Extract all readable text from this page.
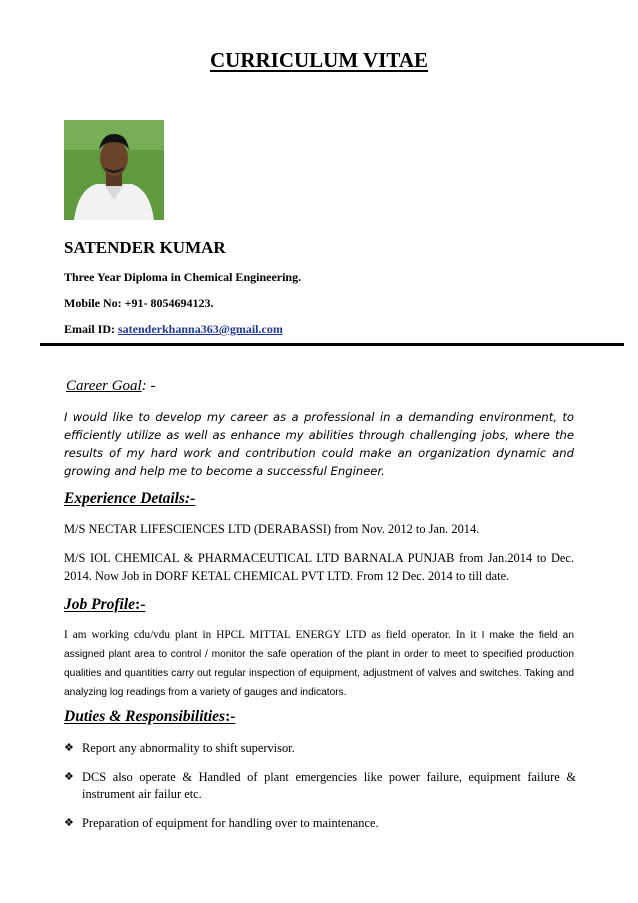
CURRICULUM VITAE
SATENDER KUMAR
Three Year Diploma in Chemical Engineering.
Mobile No: +91- 8054694123.
Email ID: satenderkhanna363@gmail.com
Career Goal: -
I would like to develop my career as a professional in a demanding environment, to efficiently utilize as well as enhance my abilities through challenging jobs, where the results of my hard work and contribution could make an organization dynamic and growing and help me to become a successful Engineer.
Experience Details:-
M/S NECTAR LIFESCIENCES LTD (DERABASSI) from Nov. 2012 to Jan. 2014.
M/S IOL CHEMICAL & PHARMACEUTICAL LTD BARNALA PUNJAB from Jan.2014 to Dec. 2014. Now Job in DORF KETAL CHEMICAL PVT LTD. From 12 Dec. 2014 to till date.
Job Profile:-
I am working cdu/vdu plant in HPCL MITTAL ENERGY LTD as field operator. In it I make the field an assigned plant area to control / monitor the safe operation of the plant in order to meet to specified production qualities and quantities carry out regular inspection of equipment, adjustment of valves and switches. Taking and analyzing log readings from a variety of gauges and indicators.
Duties & Responsibilities:-
❖ Report any abnormality to shift supervisor.
❖ DCS also operate & Handled of plant emergencies like power failure, equipment failure & instrument air failur etc.
❖ Preparation of equipment for handling over to maintenance.
